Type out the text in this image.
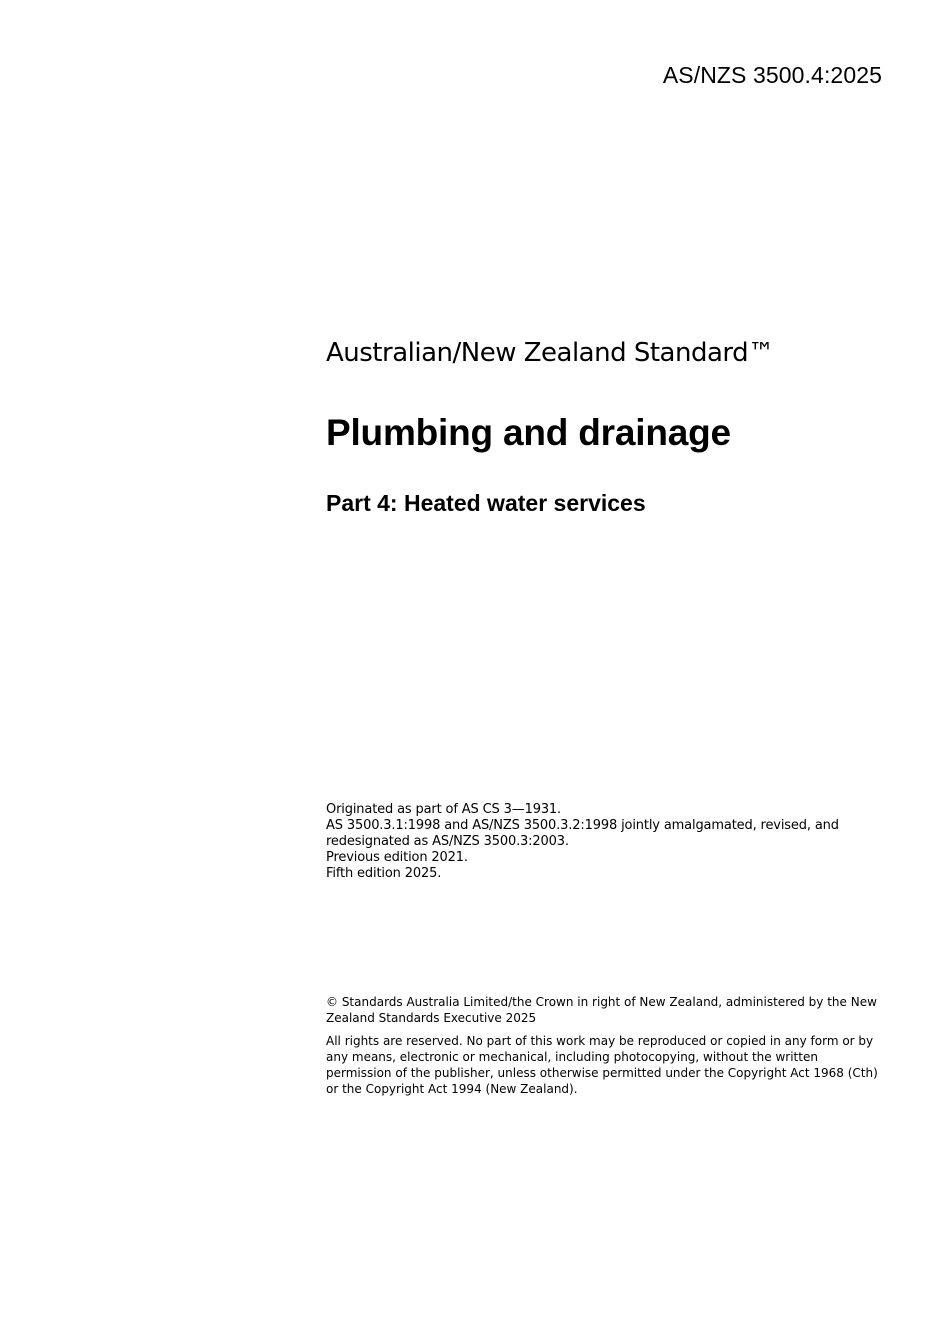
AS/NZS 3500.4:2025
Australian/New Zealand Standard™
Plumbing and drainage
Part 4: Heated water services
Originated as part of AS CS 3—1931.
AS 3500.3.1:1998 and AS/NZS 3500.3.2:1998 jointly amalgamated, revised, and
redesignated as AS/NZS 3500.3:2003.
Previous edition 2021.
Fifth edition 2025.

© Standards Australia Limited/the Crown in right of New Zealand, administered by the New Zealand Standards Executive 2025

All rights are reserved. No part of this work may be reproduced or copied in any form or by any means, electronic or mechanical, including photocopying, without the written permission of the publisher, unless otherwise permitted under the Copyright Act 1968 (Cth) or the Copyright Act 1994 (New Zealand).
